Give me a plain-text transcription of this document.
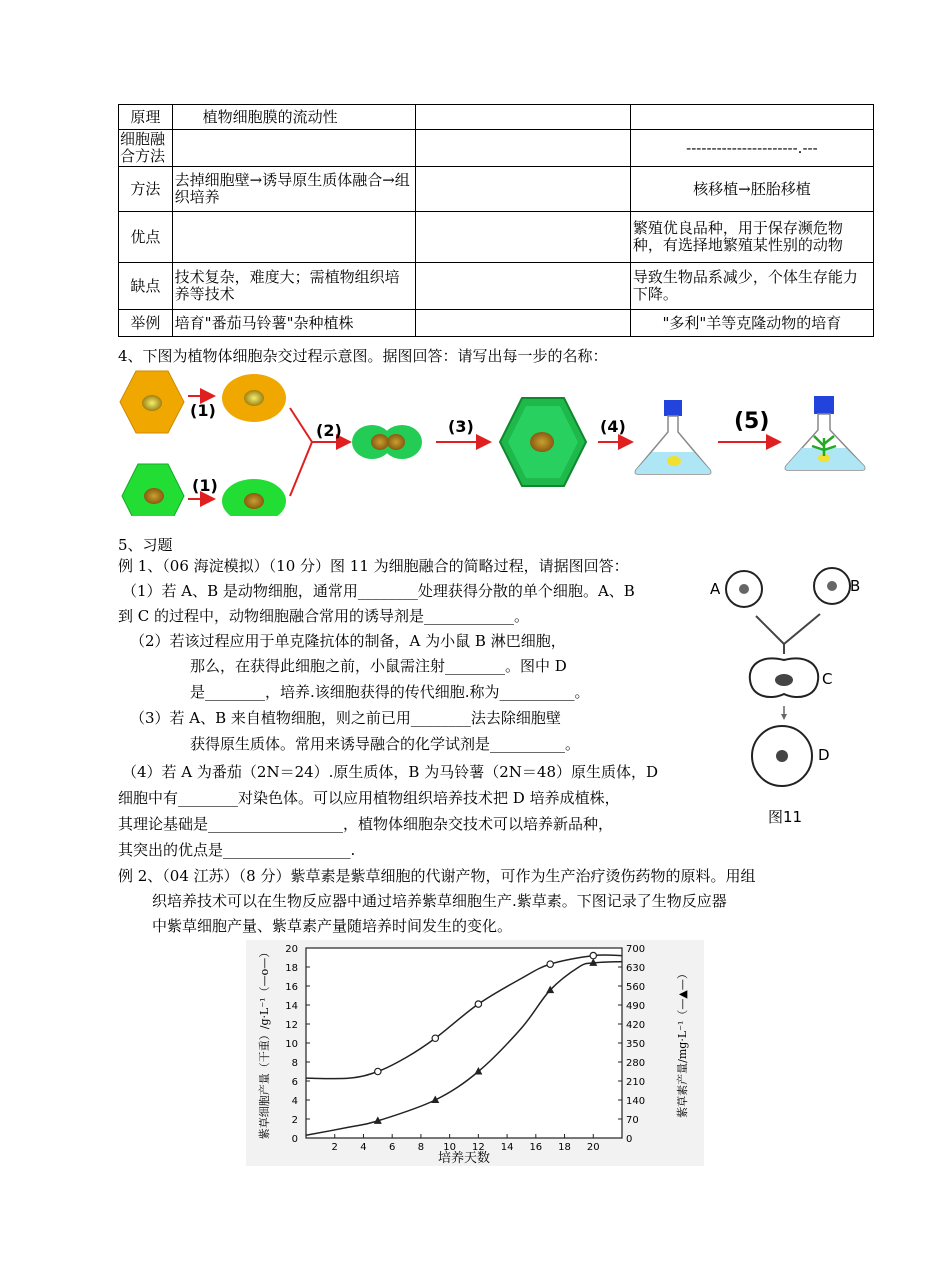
原理	植物细胞膜的流动性		
细胞融合方法			----------------------.---
方法	去掉细胞壁→诱导原生质体融合→组织培养		核移植→胚胎移植
优点			繁殖优良品种，用于保存濒危物种，有选择地繁殖某性别的动物
缺点	技术复杂，难度大；需植物组织培养等技术		导致生物品系减少，个体生存能力下降。
举例	培育"番茄马铃薯"杂种植株		"多利"羊等克隆动物的培育
4、下图为植物体细胞杂交过程示意图。据图回答：请写出每一步的名称：
(1)
(1)
(2)	(3)	(4)	(5)
5、习题
例 1、（06 海淀模拟）（10 分）图 11 为细胞融合的简略过程，请据图回答：
（1）若 A、B 是动物细胞，通常用________处理获得分散的单个细胞。A、B
到 C 的过程中，动物细胞融合常用的诱导剂是____________。
（2）若该过程应用于单克隆抗体的制备，A 为小鼠 B 淋巴细胞，
那么，在获得此细胞之前，小鼠需注射________。图中 D
是________，培养.该细胞获得的传代细胞.称为__________。
（3）若 A、B 来自植物细胞，则之前已用________法去除细胞壁
获得原生质体。常用来诱导融合的化学试剂是__________。
（4）若 A 为番茄（2N＝24）.原生质体，B 为马铃薯（2N＝48）原生质体，D
细胞中有________对染色体。可以应用植物组织培养技术把 D 培养成植株，
其理论基础是__________________，植物体细胞杂交技术可以培养新品种，
其突出的优点是_________________.
例 2、（04 江苏）（8 分）紫草素是紫草细胞的代谢产物，可作为生产治疗烫伤药物的原料。用组
织培养技术可以在生物反应器中通过培养紫草细胞生产.紫草素。下图记录了生物反应器
中紫草细胞产量、紫草素产量随培养时间发生的变化。
A	B
C
D
图11
0
2
4
6
8
10
12
14
16
18
20
0
70
140
210
280
350
420
490
560
630
700
2 4 6 8 10 12 14 16 18 20
紫草细胞产量（干重）/g·L⁻¹（—o—）	紫草素产量/mg·L⁻¹（—▲—）
培养天数
